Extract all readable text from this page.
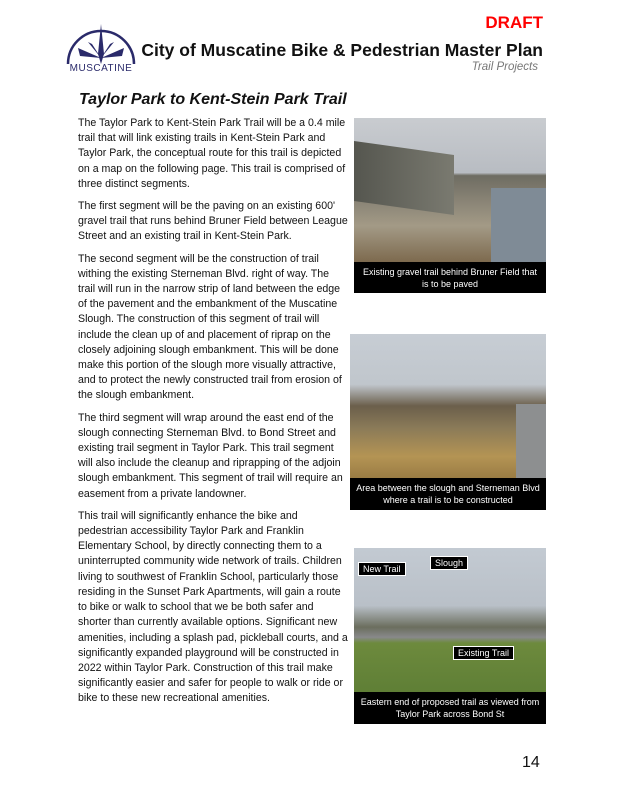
DRAFT
MUSCATINE
City of Muscatine Bike & Pedestrian Master Plan
Trail Projects
Taylor Park to Kent-Stein Park Trail

The Taylor Park to Kent-Stein Park Trail will be a 0.4 mile trail that will link existing trails in Kent-Stein Park and Taylor Park, the conceptual route for this trail is depicted on a map on the following page. This trail is comprised of three distinct segments.

The first segment will be the paving on an existing 600' gravel trail that runs behind Bruner Field between League Street and an existing trail in Kent-Stein Park.

The second segment will be the construction of trail withing the existing Sterneman Blvd. right of way. The trail will run in the narrow strip of land between the edge of the pavement and the embankment of the Muscatine Slough. The construction of this segment of trail will include the clean up of and placement of riprap on the closely adjoining slough embankment. This will be done make this portion of the slough more visually attractive, and to protect the newly constructed trail from erosion of the slough embankment.

The third segment will wrap around the east end of the slough connecting Sterneman Blvd. to Bond Street and existing trail segment in Taylor Park. This trail segment will also include the cleanup and riprapping of the adjoin slough embankment. This segment of trail will require an easement from a private landowner.

This trail will significantly enhance the bike and pedestrian accessibility Taylor Park and Franklin Elementary School, by directly connecting them to a uninterrupted community wide network of trails. Children living to southwest of Franklin School, particularly those residing in the Sunset Park Apartments, will gain a route to bike or walk to school that we be both safer and shorter than currently available options. Significant new amenities, including a splash pad, pickleball courts, and a significantly expanded playground will be constructed in 2022 within Taylor Park. Construction of this trail make significantly easier and safer for people to walk or ride or bike to these new recreational amenities.

Existing gravel trail behind Bruner Field that is to be paved
Area between the slough and Sterneman Blvd where a trail is to be constructed
New Trail
Slough
Existing Trail
Eastern end of proposed trail as viewed from Taylor Park across Bond St
14
